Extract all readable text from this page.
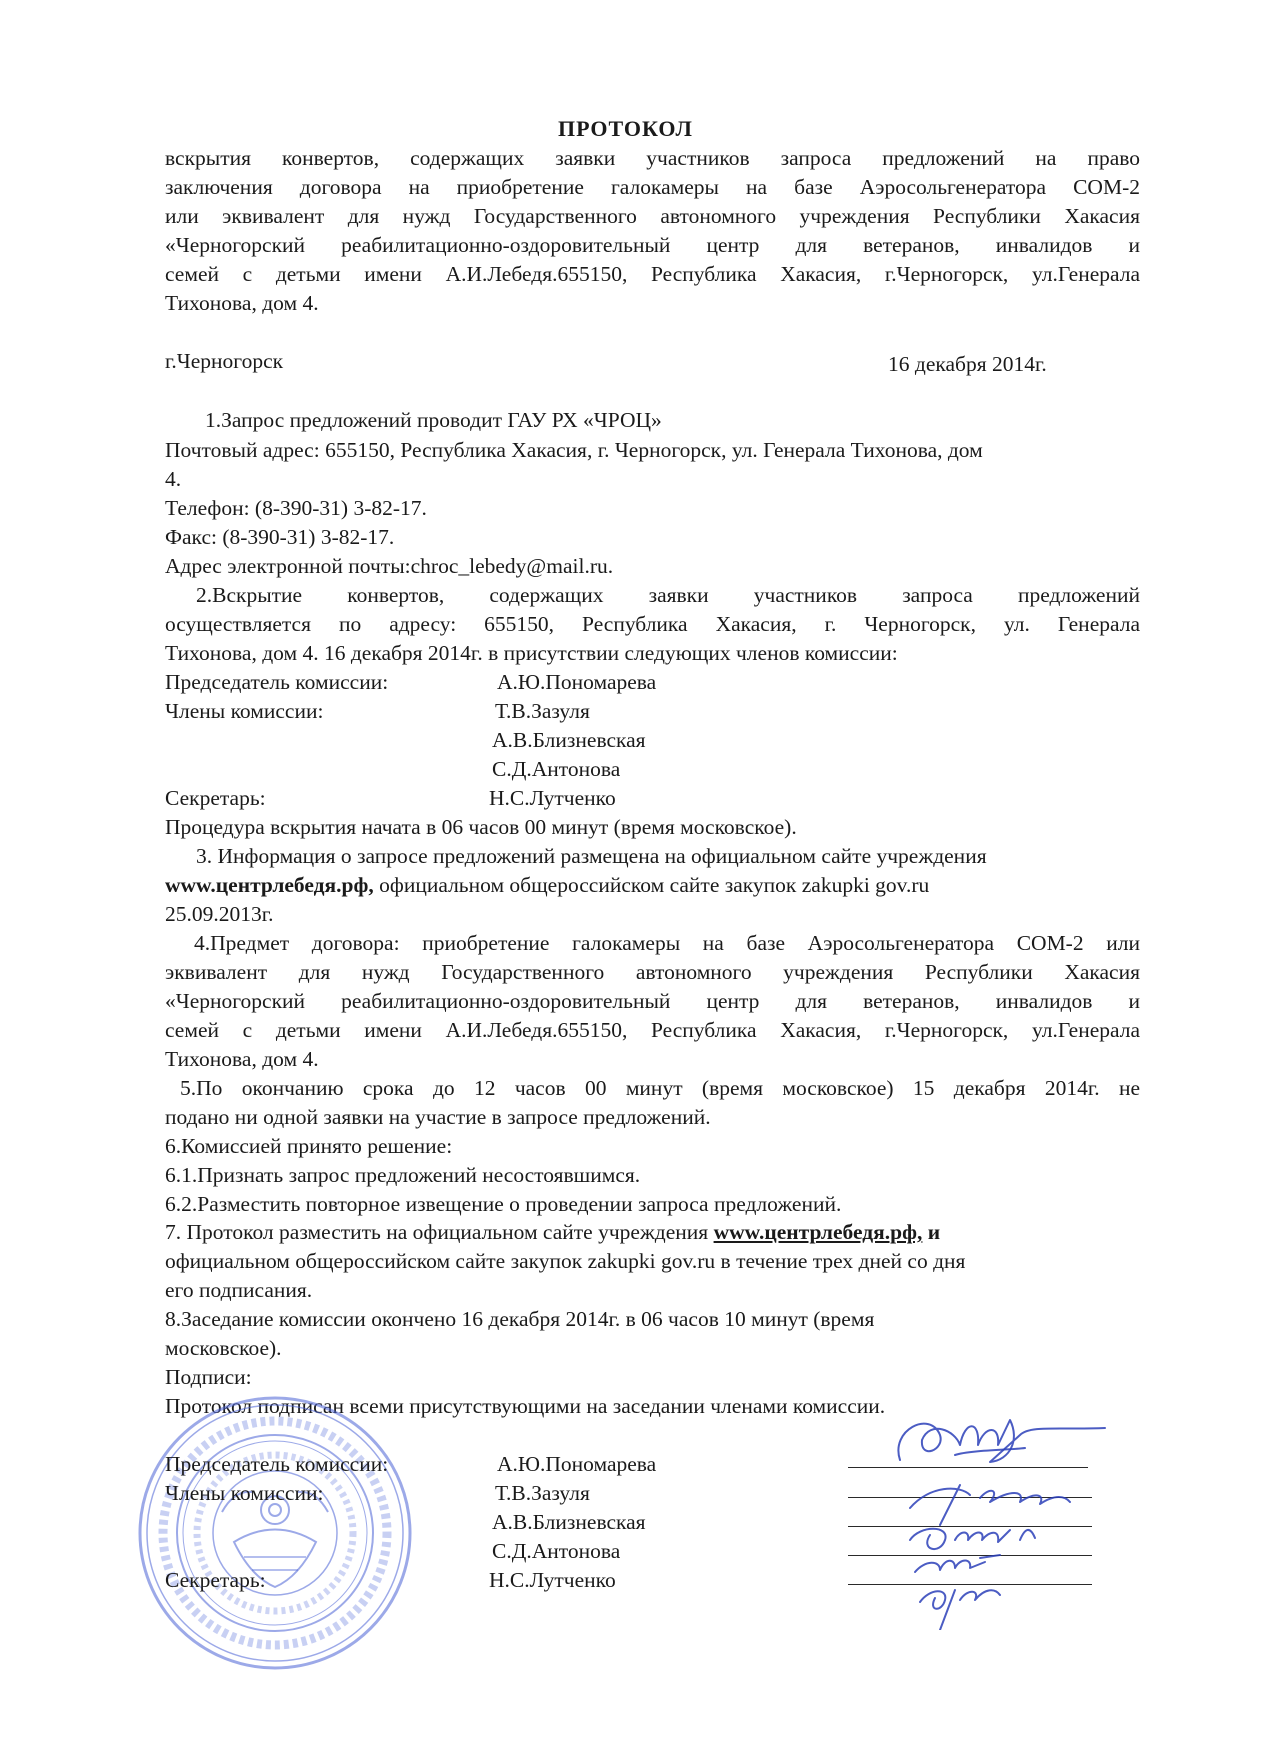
ПРОТОКОЛ
вскрытия конвертов, содержащих заявки участников запроса предложений на право
заключения договора на приобретение галокамеры на базе Аэросольгенератора СОМ-2
или эквивалент для нужд Государственного автономного учреждения Республики Хакасия
«Черногорский реабилитационно-оздоровительный центр для ветеранов, инвалидов и
семей с детьми имени А.И.Лебедя.655150, Республика Хакасия, г.Черногорск, ул.Генерала
Тихонова, дом 4.
г.Черногорск	16 декабря 2014г.
1.Запрос предложений проводит ГАУ РХ «ЧРОЦ»
Почтовый адрес: 655150, Республика Хакасия, г. Черногорск, ул. Генерала Тихонова, дом
4.
Телефон: (8-390-31) 3-82-17.
Факс: (8-390-31) 3-82-17.
Адрес электронной почты:chroc_lebedy@mail.ru.
2.Вскрытие конвертов, содержащих заявки участников запроса предложений
осуществляется по адресу: 655150, Республика Хакасия, г. Черногорск, ул. Генерала
Тихонова, дом 4. 16 декабря 2014г. в присутствии следующих членов комиссии:
Председатель комиссии:	А.Ю.Пономарева
Члены комиссии:	Т.В.Зазуля
А.В.Близневская
С.Д.Антонова
Секретарь:	Н.С.Лутченко
Процедура вскрытия начата в 06 часов 00 минут (время московское).
3. Информация о запросе предложений размещена на официальном сайте учреждения
www.центрлебедя.рф, официальном общероссийском сайте закупок zakupki gov.ru
25.09.2013г.
4.Предмет договора: приобретение галокамеры на базе Аэросольгенератора СОМ-2 или
эквивалент для нужд Государственного автономного учреждения Республики Хакасия
«Черногорский реабилитационно-оздоровительный центр для ветеранов, инвалидов и
семей с детьми имени А.И.Лебедя.655150, Республика Хакасия, г.Черногорск, ул.Генерала
Тихонова, дом 4.
5.По окончанию срока до 12 часов 00 минут (время московское) 15 декабря 2014г. не
подано ни одной заявки на участие в запросе предложений.
6.Комиссией принято решение:
6.1.Признать запрос предложений несостоявшимся.
6.2.Разместить повторное извещение о проведении запроса предложений.
7. Протокол разместить на официальном сайте учреждения www.центрлебедя.рф, и
официальном общероссийском сайте закупок zakupki gov.ru в течение трех дней со дня
его подписания.
8.Заседание комиссии окончено 16 декабря 2014г. в 06 часов 10 минут (время
московское).
Подписи:
Протокол подписан всеми присутствующими на заседании членами комиссии.
Председатель комиссии:	А.Ю.Пономарева
Члены комиссии:	Т.В.Зазуля
А.В.Близневская
С.Д.Антонова
Секретарь:	Н.С.Лутченко
